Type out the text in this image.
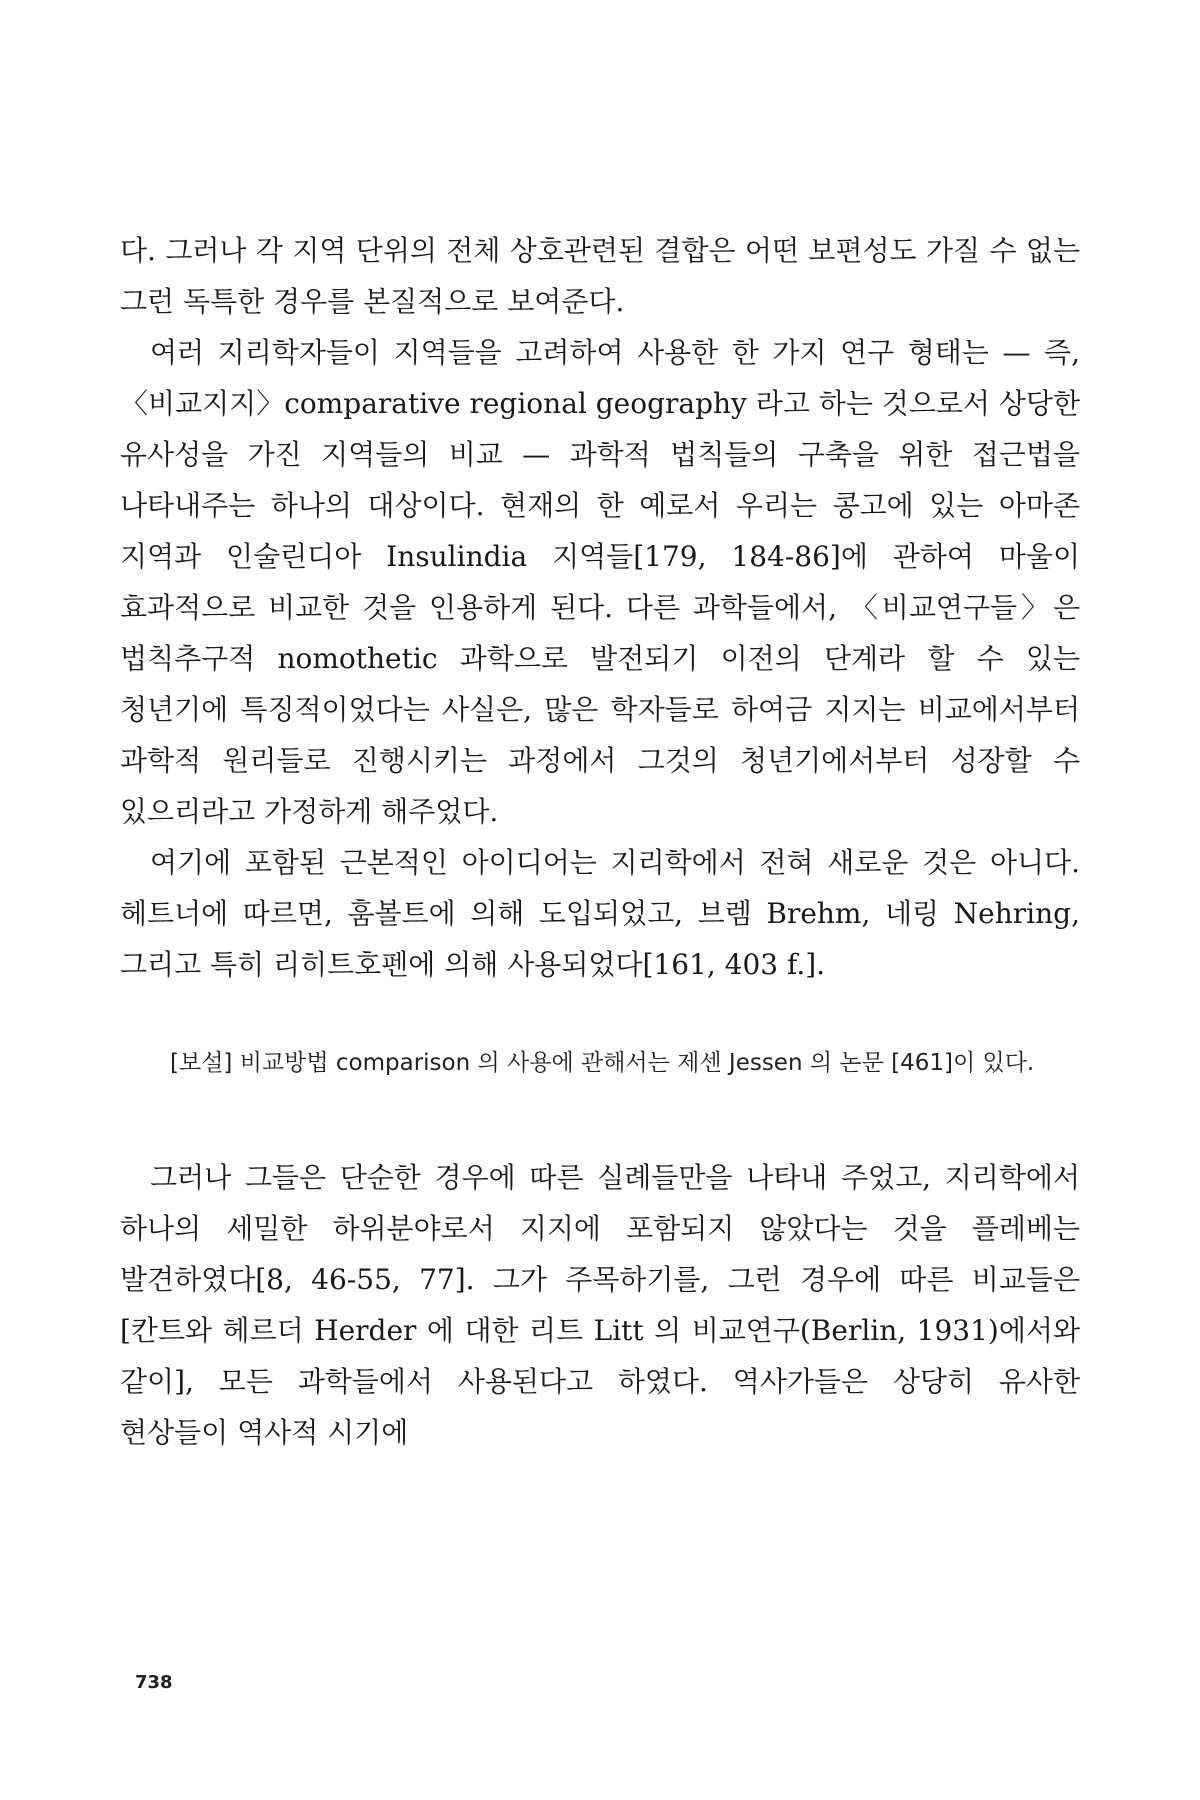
다. 그러나 각 지역 단위의 전체 상호관련된 결합은 어떤 보편성도 가질 수 없는 그런 독특한 경우를 본질적으로 보여준다.

여러 지리학자들이 지역들을 고려하여 사용한 한 가지 연구 형태는 — 즉, 〈비교지지〉comparative regional geography 라고 하는 것으로서 상당한 유사성을 가진 지역들의 비교 — 과학적 법칙들의 구축을 위한 접근법을 나타내주는 하나의 대상이다. 현재의 한 예로서 우리는 콩고에 있는 아마존 지역과 인술린디아 Insulindia 지역들[179, 184-86]에 관하여 마울이 효과적으로 비교한 것을 인용하게 된다. 다른 과학들에서, 〈비교연구들〉은 법칙추구적 nomothetic 과학으로 발전되기 이전의 단계라 할 수 있는 청년기에 특징적이었다는 사실은, 많은 학자들로 하여금 지지는 비교에서부터 과학적 원리들로 진행시키는 과정에서 그것의 청년기에서부터 성장할 수 있으리라고 가정하게 해주었다.

여기에 포함된 근본적인 아이디어는 지리학에서 전혀 새로운 것은 아니다. 헤트너에 따르면, 훔볼트에 의해 도입되었고, 브렘 Brehm, 네링 Nehring, 그리고 특히 리히트호펜에 의해 사용되었다[161, 403 f.].

[보설] 비교방법 comparison 의 사용에 관해서는 제센 Jessen 의 논문 [461]이 있다.

그러나 그들은 단순한 경우에 따른 실례들만을 나타내 주었고, 지리학에서 하나의 세밀한 하위분야로서 지지에 포함되지 않았다는 것을 플레베는 발견하였다[8, 46-55, 77]. 그가 주목하기를, 그런 경우에 따른 비교들은[칸트와 헤르더 Herder 에 대한 리트 Litt 의 비교연구(Berlin, 1931)에서와 같이], 모든 과학들에서 사용된다고 하였다. 역사가들은 상당히 유사한 현상들이 역사적 시기에

738
